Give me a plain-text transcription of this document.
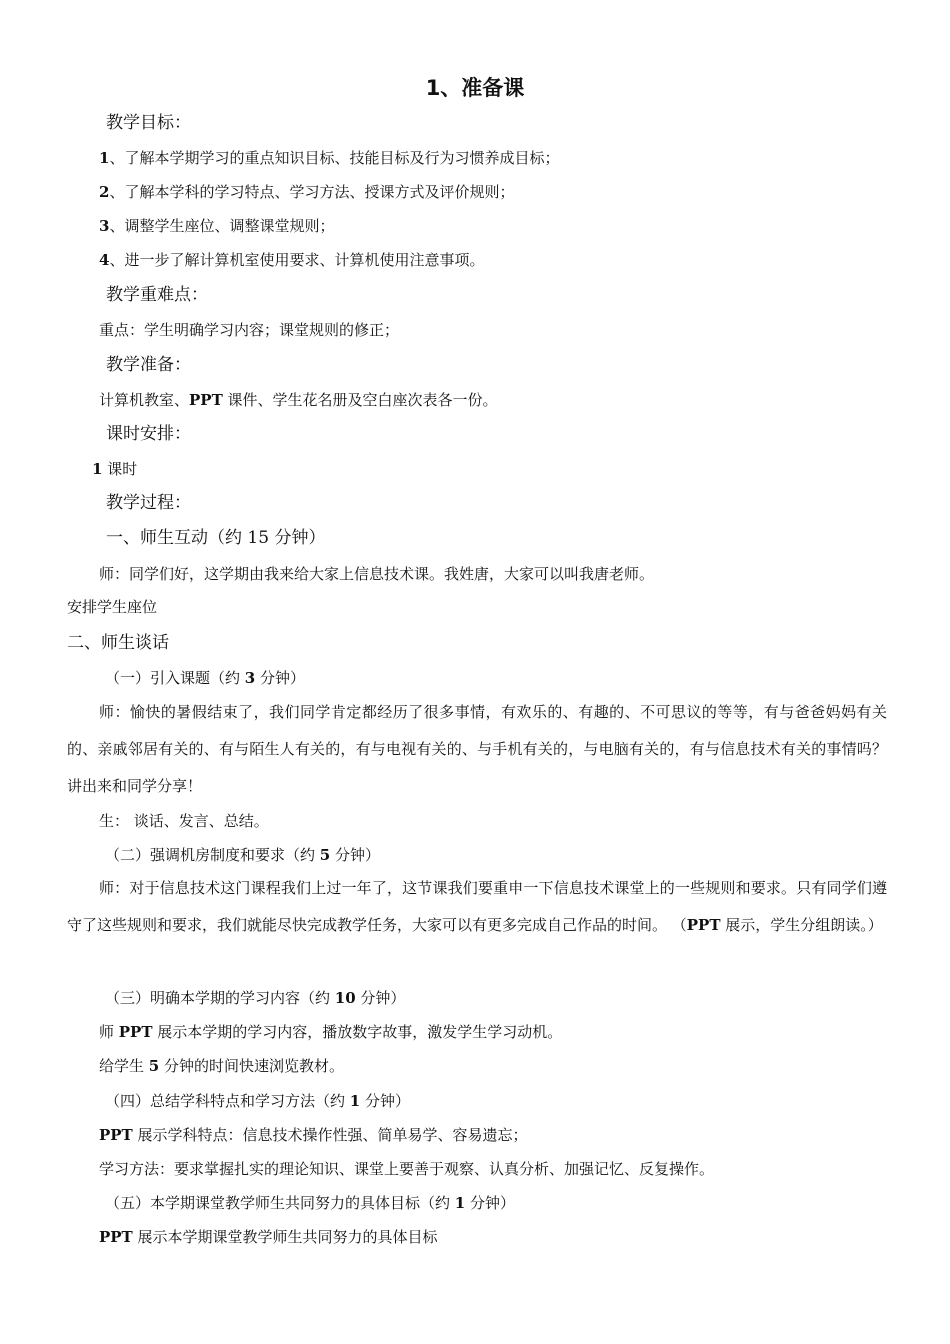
1、准备课
教学目标：
1、了解本学期学习的重点知识目标、技能目标及行为习惯养成目标；
2、了解本学科的学习特点、学习方法、授课方式及评价规则；
3、调整学生座位、调整课堂规则；
4、进一步了解计算机室使用要求、计算机使用注意事项。
教学重难点：
重点：学生明确学习内容；课堂规则的修正；
教学准备：
计算机教室、PPT 课件、学生花名册及空白座次表各一份。
课时安排：
1 课时
教学过程：
一、师生互动（约 15 分钟）
师：同学们好，这学期由我来给大家上信息技术课。我姓唐，大家可以叫我唐老师。
安排学生座位
二、师生谈话
（一）引入课题（约 3 分钟）
师：愉快的暑假结束了，我们同学肯定都经历了很多事情，有欢乐的、有趣的、不可思议的等等，有与爸爸妈妈有关的、亲戚邻居有关的、有与陌生人有关的，有与电视有关的、与手机有关的，与电脑有关的，有与信息技术有关的事情吗？讲出来和同学分享！
生： 谈话、发言、总结。
（二）强调机房制度和要求（约 5 分钟）
师：对于信息技术这门课程我们上过一年了，这节课我们要重申一下信息技术课堂上的一些规则和要求。只有同学们遵守了这些规则和要求，我们就能尽快完成教学任务，大家可以有更多完成自己作品的时间。 （PPT 展示，学生分组朗读。）
（三）明确本学期的学习内容（约 10 分钟）
师 PPT 展示本学期的学习内容，播放数字故事，激发学生学习动机。
给学生 5 分钟的时间快速浏览教材。
（四）总结学科特点和学习方法（约 1 分钟）
PPT 展示学科特点：信息技术操作性强、简单易学、容易遗忘；
学习方法：要求掌握扎实的理论知识、课堂上要善于观察、认真分析、加强记忆、反复操作。
（五）本学期课堂教学师生共同努力的具体目标（约 1 分钟）
PPT 展示本学期课堂教学师生共同努力的具体目标
